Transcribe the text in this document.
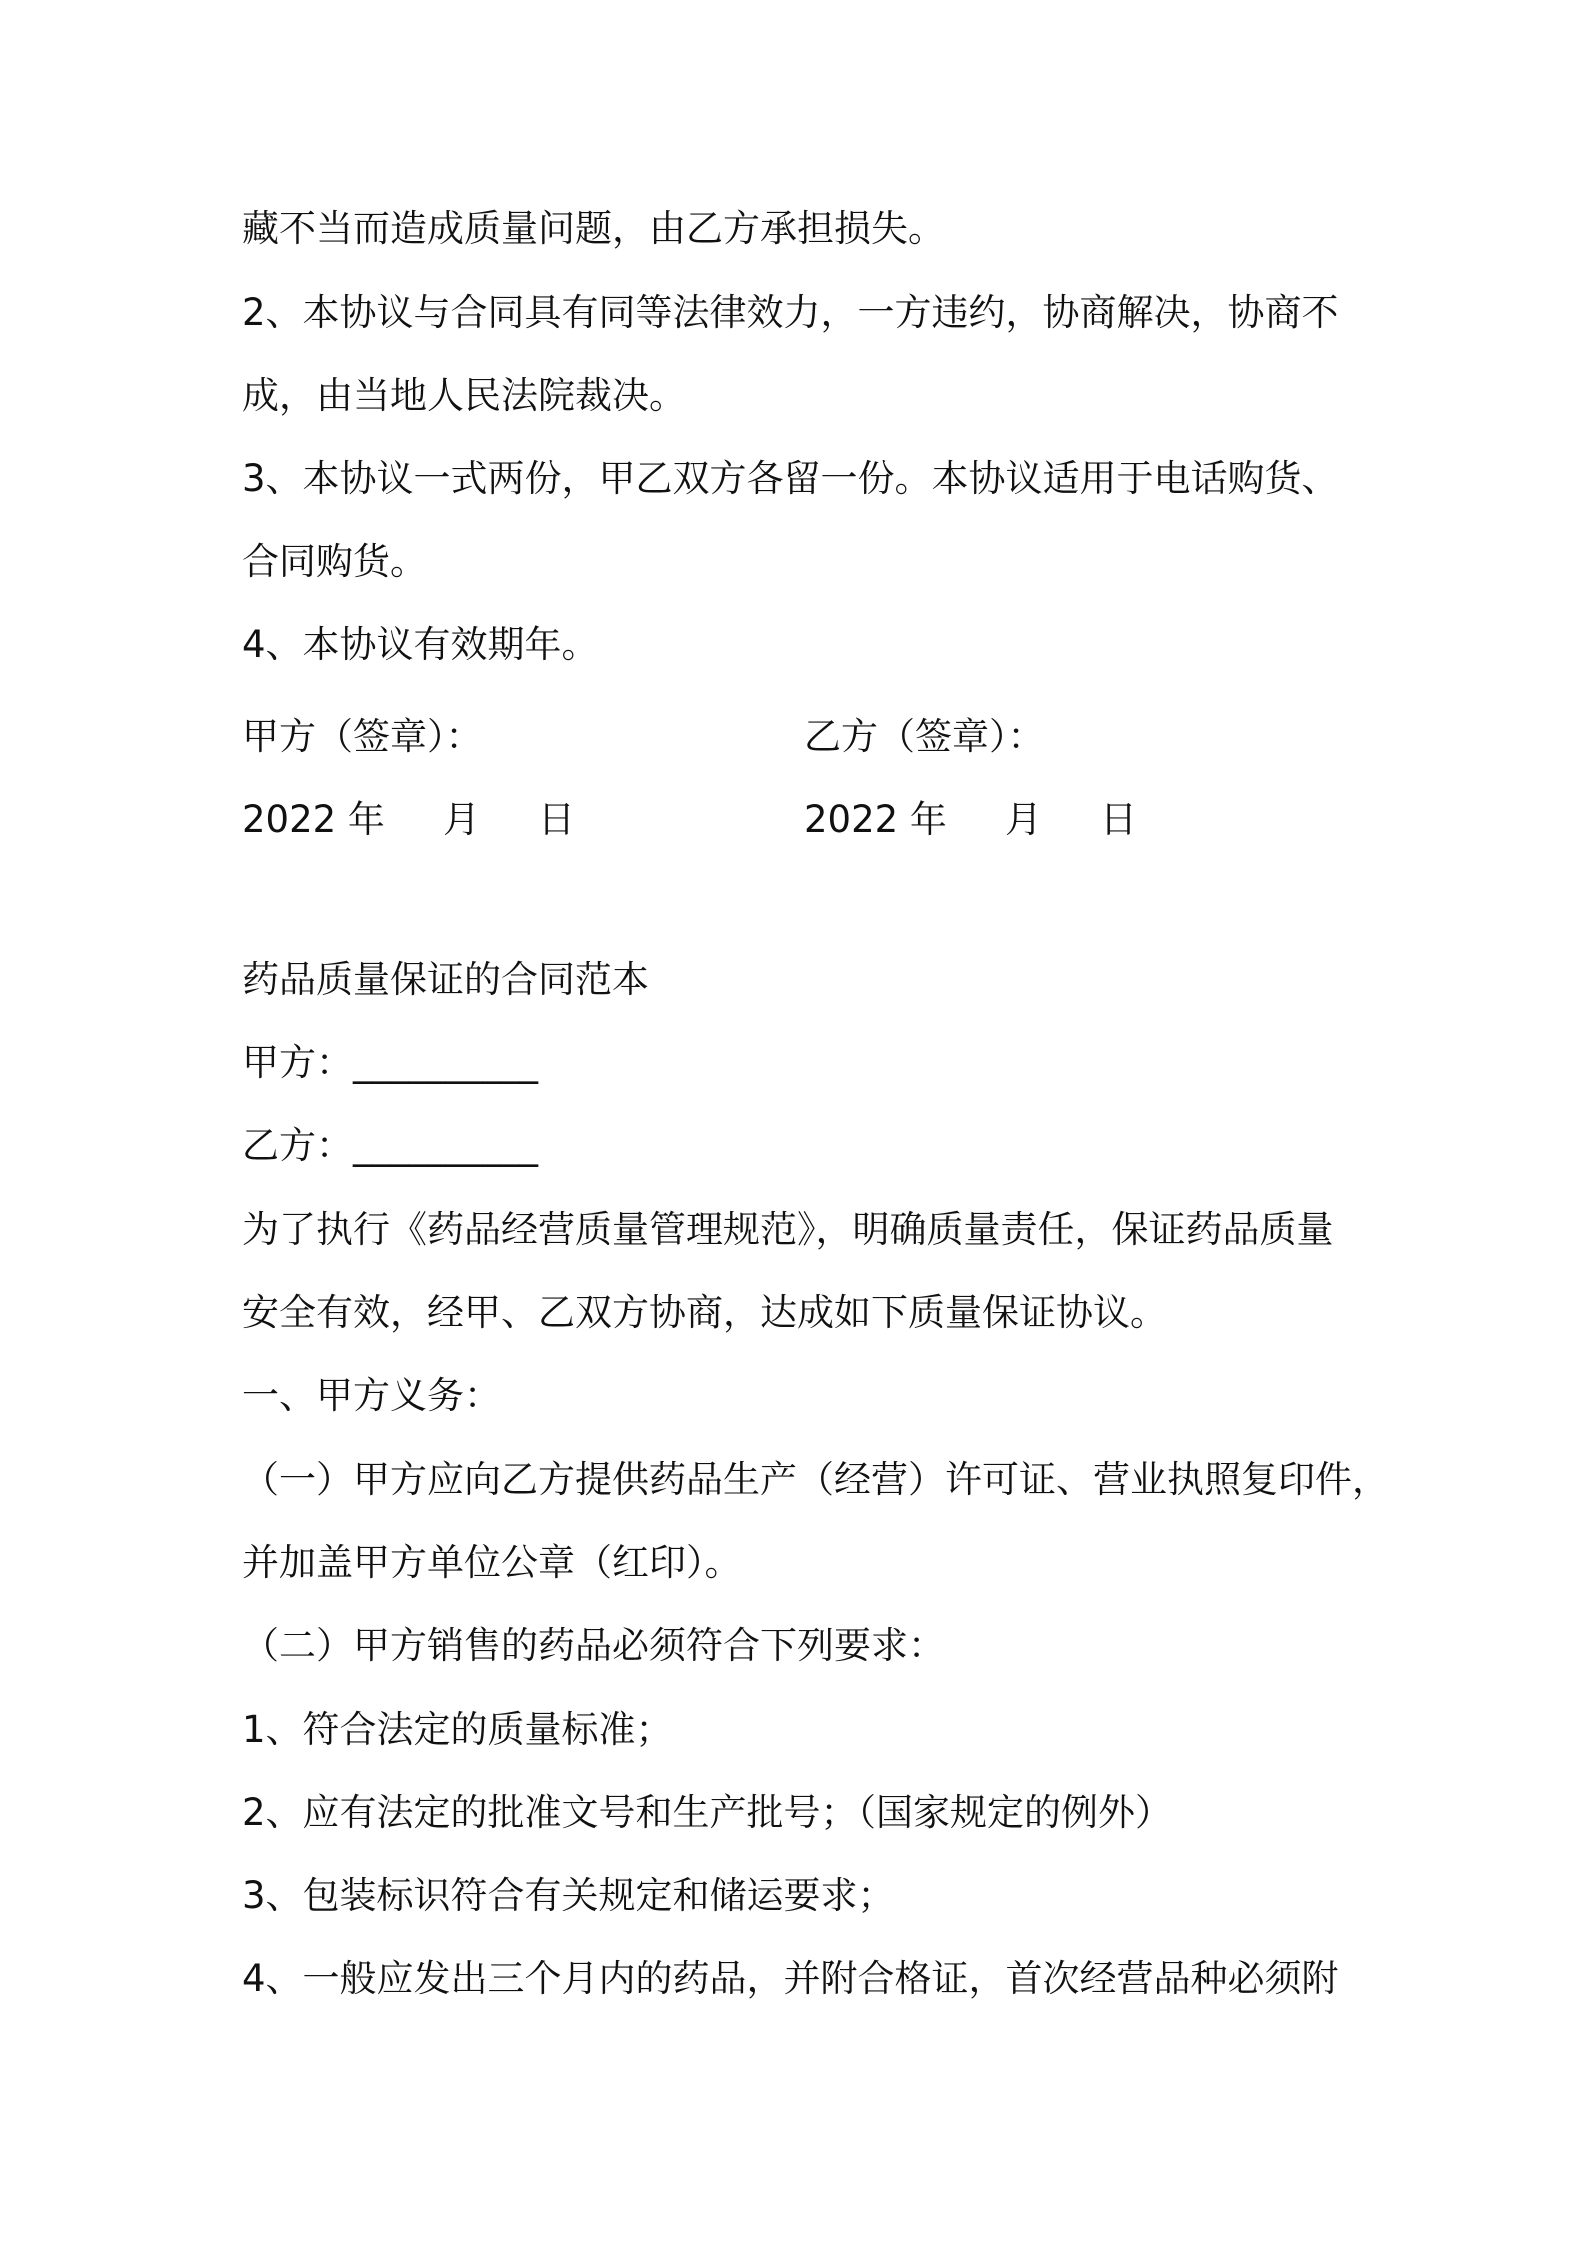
藏不当而造成质量问题，由乙方承担损失。
2、本协议与合同具有同等法律效力，一方违约，协商解决，协商不
成，由当地人民法院裁决。
3、本协议一式两份，甲乙双方各留一份。本协议适用于电话购货、
合同购货。
4、本协议有效期年。
甲方（签章）：	乙方（签章）：
2022 年 月 日	2022 年 月 日
药品质量保证的合同范本
甲方：__________
乙方：__________
为了执行《药品经营质量管理规范》，明确质量责任，保证药品质量
安全有效，经甲、乙双方协商，达成如下质量保证协议。
一、甲方义务：
（一）甲方应向乙方提供药品生产（经营）许可证、营业执照复印件，
并加盖甲方单位公章（红印）。
（二）甲方销售的药品必须符合下列要求：
1、符合法定的质量标准；
2、应有法定的批准文号和生产批号；（国家规定的例外）
3、包装标识符合有关规定和储运要求；
4、一般应发出三个月内的药品，并附合格证，首次经营品种必须附
